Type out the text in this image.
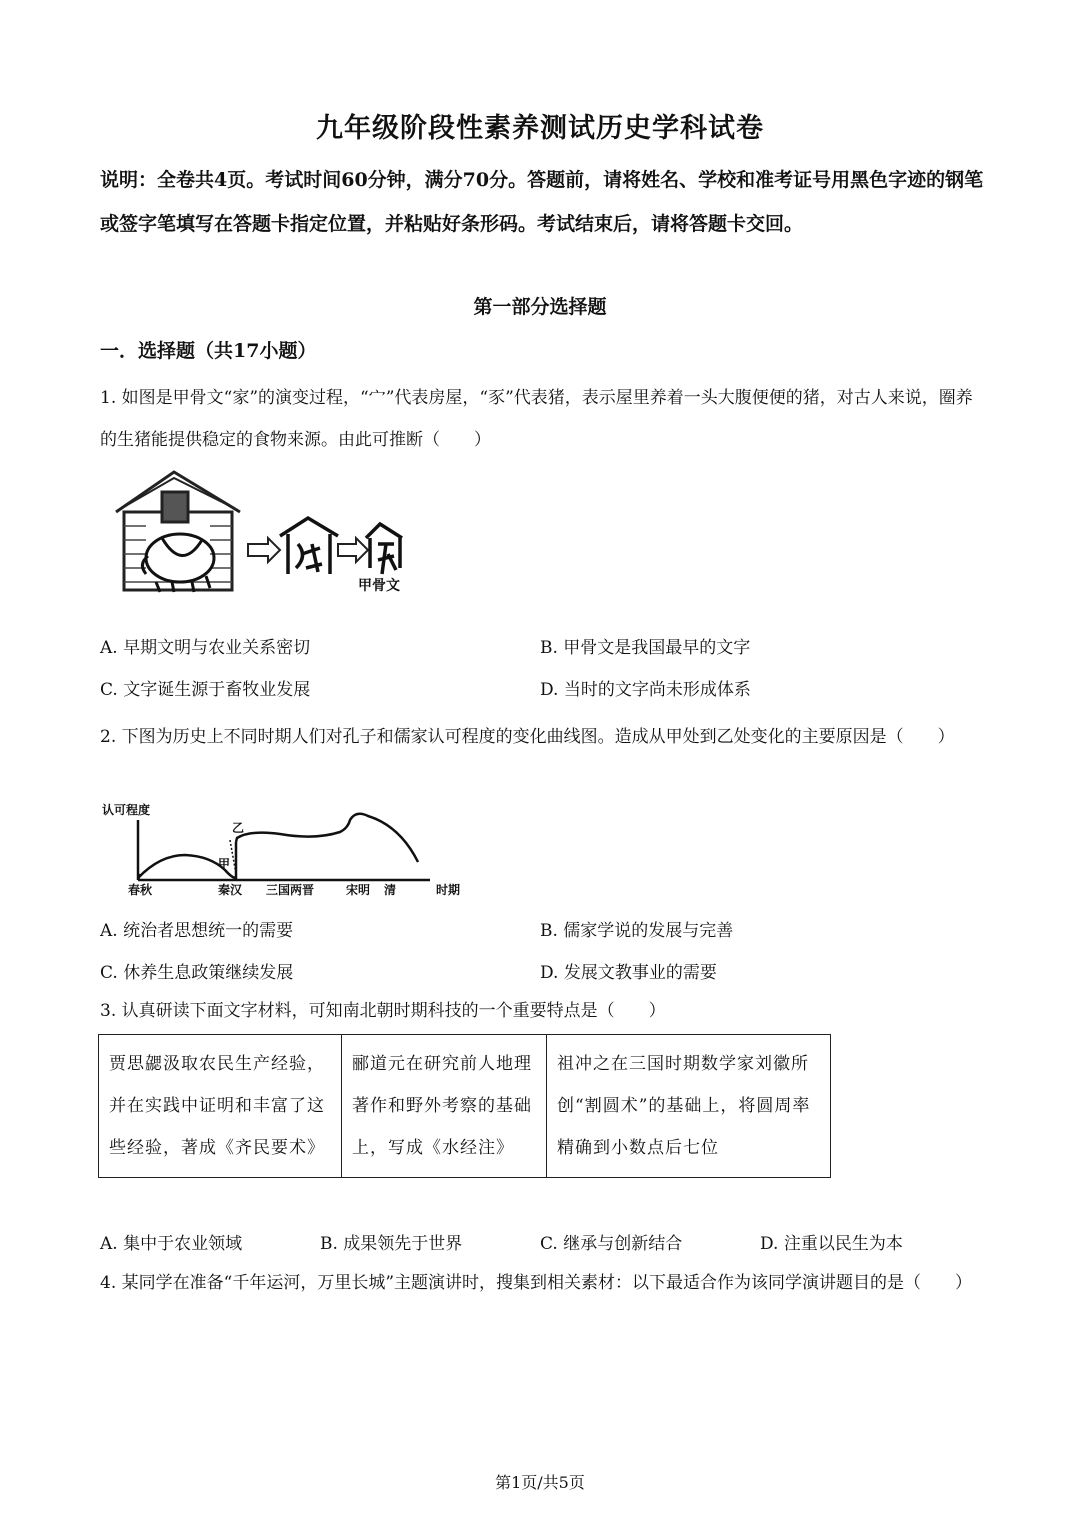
九年级阶段性素养测试历史学科试卷
说明：全卷共4页。考试时间60分钟，满分70分。答题前，请将姓名、学校和准考证号用黑色字迹的钢笔或签字笔填写在答题卡指定位置，并粘贴好条形码。考试结束后，请将答题卡交回。
第一部分选择题
一．选择题（共17小题）
1. 如图是甲骨文“家”的演变过程，“宀”代表房屋，“豕”代表猪，表示屋里养着一头大腹便便的猪，对古人来说，圈养的生猪能提供稳定的食物来源。由此可推断（　　）
甲骨文
A. 早期文明与农业关系密切	B. 甲骨文是我国最早的文字
C. 文字诞生源于畜牧业发展	D. 当时的文字尚未形成体系
2. 下图为历史上不同时期人们对孔子和儒家认可程度的变化曲线图。造成从甲处到乙处变化的主要原因是（　　）
认可程度
乙
甲
春秋	秦汉 三国两晋	宋明 清	时期
A. 统治者思想统一的需要	B. 儒家学说的发展与完善
C. 休养生息政策继续发展	D. 发展文教事业的需要
3. 认真研读下面文字材料，可知南北朝时期科技的一个重要特点是（　　）
贾思勰汲取农民生产经验，并在实践中证明和丰富了这些经验，著成《齐民要术》	郦道元在研究前人地理著作和野外考察的基础上，写成《水经注》	祖冲之在三国时期数学家刘徽所创“割圆术”的基础上，将圆周率精确到小数点后七位
A. 集中于农业领域	B. 成果领先于世界	C. 继承与创新结合	D. 注重以民生为本
4. 某同学在准备“千年运河，万里长城”主题演讲时，搜集到相关素材：以下最适合作为该同学演讲题目的是（　　）
第1页/共5页
